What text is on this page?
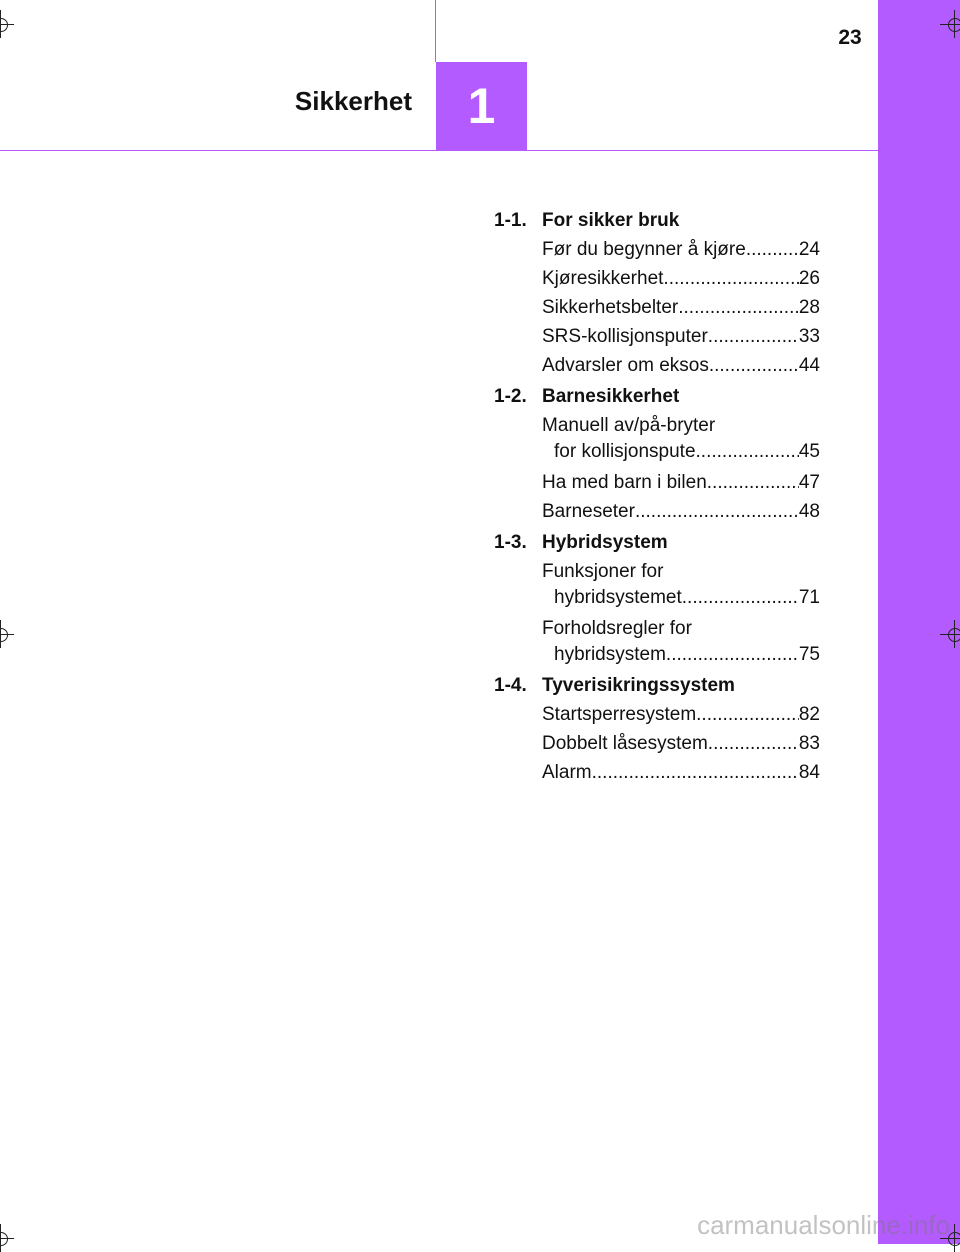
23
Sikkerhet	1
1-1. For sikker bruk
Før du begynner å kjøre .....	24
Kjøresikkerhet .....	26
Sikkerhetsbelter .....	28
SRS-kollisjonsputer .....	33
Advarsler om eksos .....	44
1-2. Barnesikkerhet
Manuell av/på-bryter
for kollisjonspute .....	45
Ha med barn i bilen .....	47
Barneseter .....	48
1-3. Hybridsystem
Funksjoner for
hybridsystemet .....	71
Forholdsregler for
hybridsystem .....	75
1-4. Tyverisikringssystem
Startsperresystem .....	82
Dobbelt låsesystem .....	83
Alarm .....	84
carmanualsonline.info
